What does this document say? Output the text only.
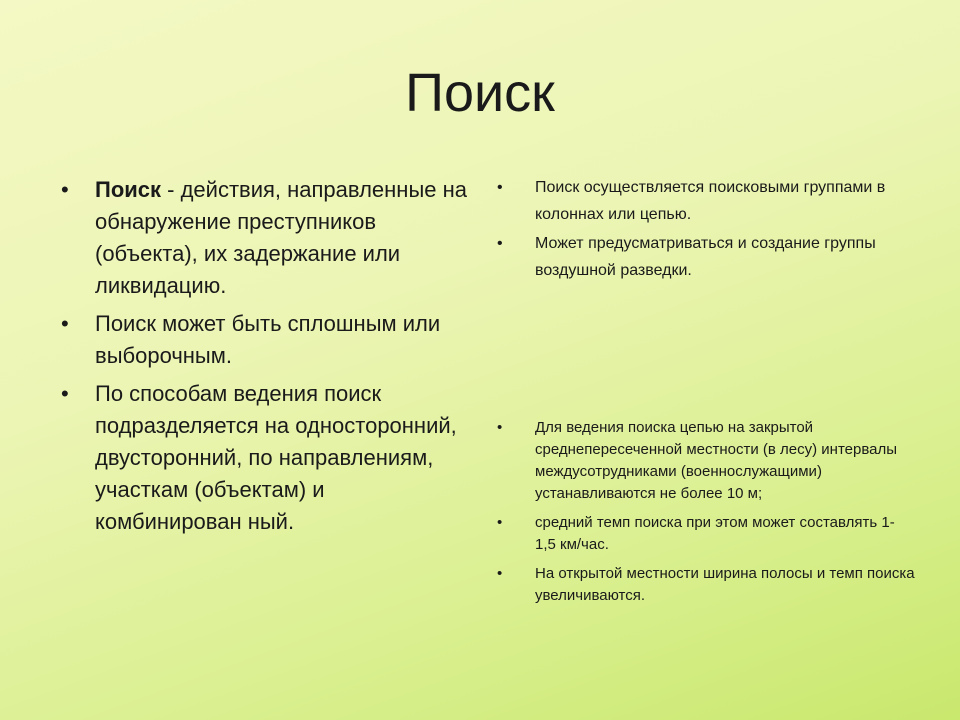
Поиск
• Поиск - действия, направленные на обнаружение преступников (объекта), их задержание или ликвидацию.
• Поиск может быть сплошным или выборочным.
• По способам ведения поиск подразделяется на односторонний, двусторонний, по направлениям, участкам (объектам) и комбинирован ный.
• Поиск осуществляется поисковыми группами в колоннах или цепью.
• Может предусматриваться и создание группы воздушной разведки.
• Для ведения поиска цепью на закрытой среднепересеченной местности (в лесу) интервалы междусотрудниками (военнослужащими) устанавливаются не более 10 м;
• средний темп поиска при этом может составлять 1-1,5 км/час.
• На открытой местности ширина полосы и темп поиска увеличиваются.
